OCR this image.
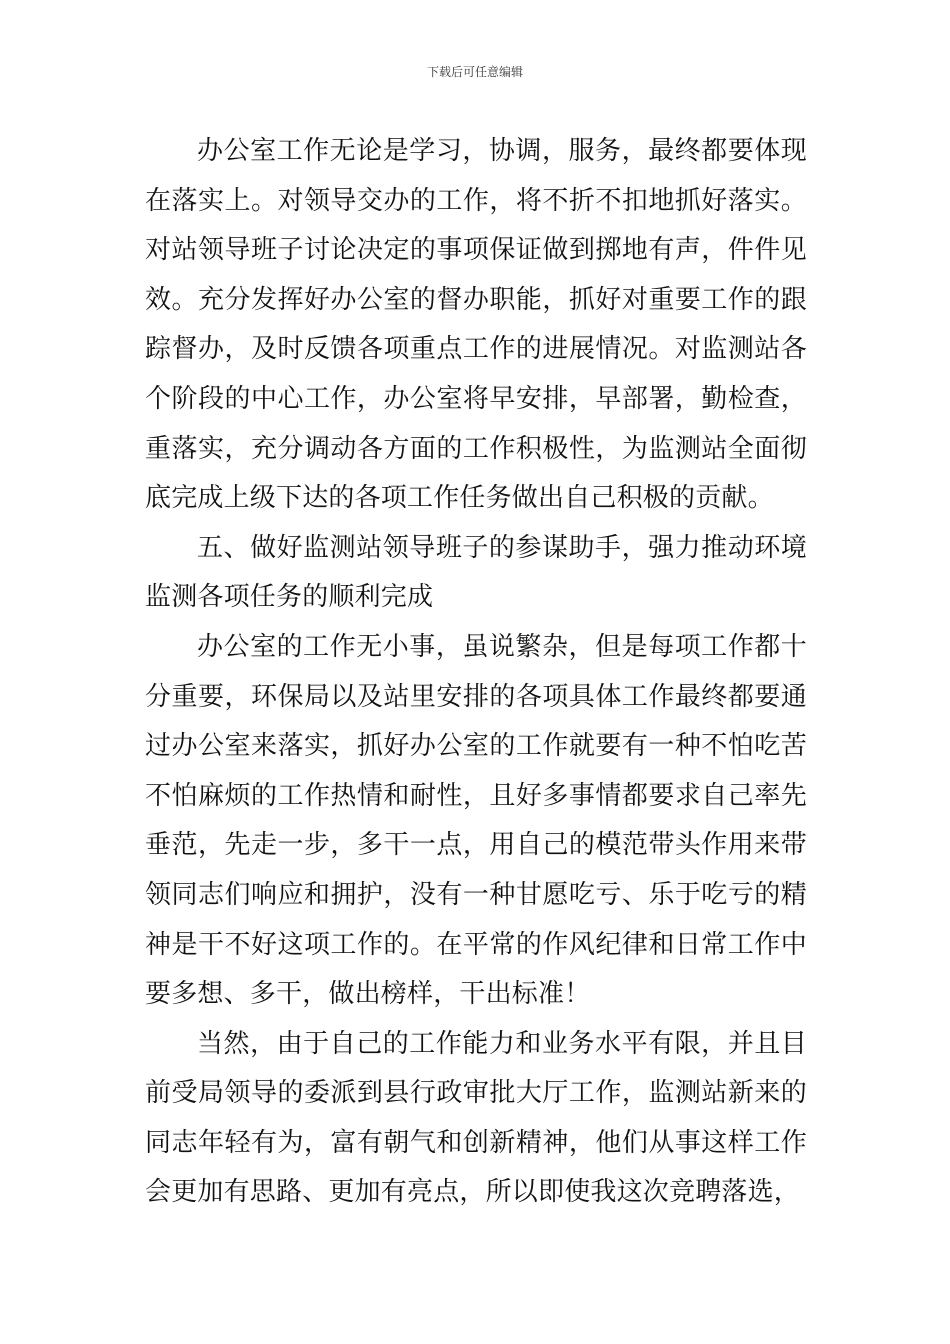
下载后可任意编辑

办公室工作无论是学习，协调，服务，最终都要体现在落实上。对领导交办的工作，将不折不扣地抓好落实。对站领导班子讨论决定的事项保证做到掷地有声，件件见效。充分发挥好办公室的督办职能，抓好对重要工作的跟踪督办，及时反馈各项重点工作的进展情况。对监测站各个阶段的中心工作，办公室将早安排，早部署，勤检查，重落实，充分调动各方面的工作积极性，为监测站全面彻底完成上级下达的各项工作任务做出自己积极的贡献。

五、做好监测站领导班子的参谋助手，强力推动环境监测各项任务的顺利完成

办公室的工作无小事，虽说繁杂，但是每项工作都十分重要，环保局以及站里安排的各项具体工作最终都要通过办公室来落实，抓好办公室的工作就要有一种不怕吃苦不怕麻烦的工作热情和耐性，且好多事情都要求自己率先垂范，先走一步，多干一点，用自己的模范带头作用来带领同志们响应和拥护，没有一种甘愿吃亏、乐于吃亏的精神是干不好这项工作的。在平常的作风纪律和日常工作中要多想、多干，做出榜样，干出标准！

当然，由于自己的工作能力和业务水平有限，并且目前受局领导的委派到县行政审批大厅工作，监测站新来的同志年轻有为，富有朝气和创新精神，他们从事这样工作会更加有思路、更加有亮点，所以即使我这次竞聘落选，
